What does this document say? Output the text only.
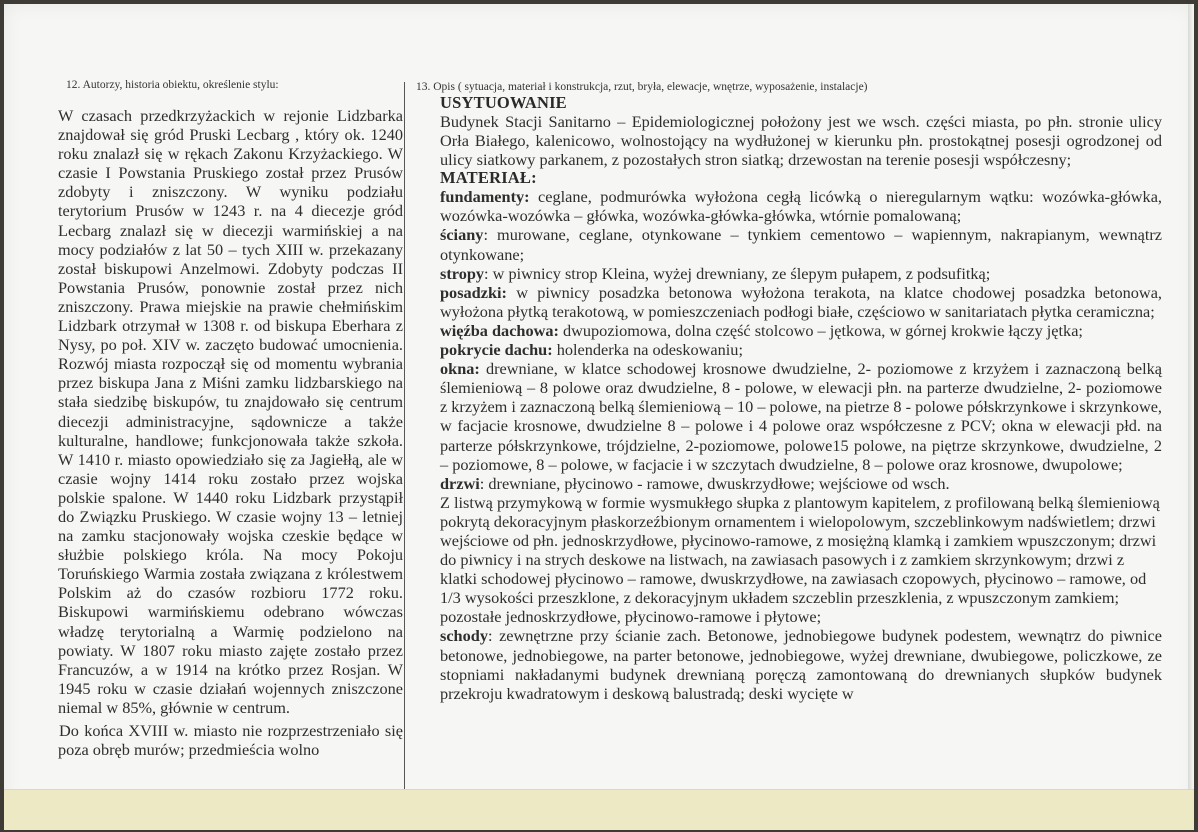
12. Autorzy, historia obiektu, określenie stylu:

W czasach przedkrzyżackich w rejonie Lidzbarka znajdował się gród Pruski Lecbarg , który ok. 1240 roku znalazł się w rękach Zakonu Krzyżackiego. W czasie I Powstania Pruskiego został przez Prusów zdobyty i zniszczony. W wyniku podziału terytorium Prusów w 1243 r. na 4 diecezje gród Lecbarg znalazł się w diecezji warmińskiej a na mocy podziałów z lat 50 – tych XIII w. przekazany został biskupowi Anzelmowi. Zdobyty podczas II Powstania Prusów, ponownie został przez nich zniszczony. Prawa miejskie na prawie chełmińskim Lidzbark otrzymał w 1308 r. od biskupa Eberhara z Nysy, po poł. XIV w. zaczęto budować umocnienia. Rozwój miasta rozpoczął się od momentu wybrania przez biskupa Jana z Miśni zamku lidzbarskiego na stała siedzibę biskupów, tu znajdowało się centrum diecezji administracyjne, sądownicze a także kulturalne, handlowe; funkcjonowała także szkoła. W 1410 r. miasto opowiedziało się za Jagiełłą, ale w czasie wojny 1414 roku zostało przez wojska polskie spalone. W 1440 roku Lidzbark przystąpił do Związku Pruskiego. W czasie wojny 13 – letniej na zamku stacjonowały wojska czeskie będące w służbie polskiego króla. Na mocy Pokoju Toruńskiego Warmia została związana z królestwem Polskim aż do czasów rozbioru 1772 roku. Biskupowi warmińskiemu odebrano wówczas władzę terytorialną a Warmię podzielono na powiaty. W 1807 roku miasto zajęte zostało przez Francuzów, a w 1914 na krótko przez Rosjan. W 1945 roku w czasie działań wojennych zniszczone niemal w 85%, głównie w centrum.

Do końca XVIII w. miasto nie rozprzestrzeniało się poza obręb murów; przedmieścia wolno

13. Opis ( sytuacja, materiał i konstrukcja, rzut, bryła, elewacje, wnętrze, wyposażenie, instalacje)
USYTUOWANIE

Budynek Stacji Sanitarno – Epidemiologicznej położony jest we wsch. części miasta, po płn. stronie ulicy Orła Białego, kalenicowo, wolnostojący na wydłużonej w kierunku płn. prostokątnej posesji ogrodzonej od ulicy siatkowy parkanem, z pozostałych stron siatką; drzewostan na terenie posesji współczesny;

MATERIAŁ:

fundamenty: ceglane, podmurówka wyłożona cegłą licówką o nieregularnym wątku: wozówka-główka, wozówka-wozówka – główka, wozówka-główka-główka, wtórnie pomalowaną;

ściany: murowane, ceglane, otynkowane – tynkiem cementowo – wapiennym, nakrapianym, wewnątrz otynkowane;

stropy: w piwnicy strop Kleina, wyżej drewniany, ze ślepym pułapem, z podsufitką;

posadzki: w piwnicy posadzka betonowa wyłożona terakota, na klatce chodowej posadzka betonowa, wyłożona płytką terakotową, w pomieszczeniach podłogi białe, częściowo w sanitariatach płytka ceramiczna;

więźba dachowa: dwupoziomowa, dolna część stolcowo – jętkowa, w górnej krokwie łączy jętka;

pokrycie dachu: holenderka na odeskowaniu;

okna: drewniane, w klatce schodowej krosnowe dwudzielne, 2- poziomowe z krzyżem i zaznaczoną belką ślemieniową – 8 polowe oraz dwudzielne, 8 - polowe, w elewacji płn. na parterze dwudzielne, 2- poziomowe z krzyżem i zaznaczoną belką ślemieniową – 10 – polowe, na pietrze 8 - polowe półskrzynkowe i skrzynkowe, w facjacie krosnowe, dwudzielne 8 – polowe i 4 polowe oraz współczesne z PCV; okna w elewacji płd. na parterze półskrzynkowe, trójdzielne, 2-poziomowe, polowe15 polowe, na piętrze skrzynkowe, dwudzielne, 2 – poziomowe, 8 – polowe, w facjacie i w szczytach dwudzielne, 8 – polowe oraz krosnowe, dwupolowe;

drzwi: drewniane, płycinowo - ramowe, dwuskrzydłowe; wejściowe od wsch.

Z listwą przymykową w formie wysmukłego słupka z plantowym kapitelem, z profilowaną belką ślemieniową pokrytą dekoracyjnym płaskorzeźbionym ornamentem i wielopolowym, szczeblinkowym nadświetlem; drzwi wejściowe od płn. jednoskrzydłowe, płycinowo-ramowe, z mosiężną klamką i zamkiem wpuszczonym; drzwi do piwnicy i na strych deskowe na listwach, na zawiasach pasowych i z zamkiem skrzynkowym; drzwi z klatki schodowej płycinowo – ramowe, dwuskrzydłowe, na zawiasach czopowych, płycinowo – ramowe, od 1/3 wysokości przeszklone, z dekoracyjnym układem szczeblin przeszklenia, z wpuszczonym zamkiem; pozostałe jednoskrzydłowe, płycinowo-ramowe i płytowe;

schody: zewnętrzne przy ścianie zach. Betonowe, jednobiegowe budynek podestem, wewnątrz do piwnice betonowe, jednobiegowe, na parter betonowe, jednobiegowe, wyżej drewniane, dwubiegowe, policzkowe, ze stopniami nakładanymi budynek drewnianą poręczą zamontowaną do drewnianych słupków budynek przekroju kwadratowym i deskową balustradą; deski wycięte w
